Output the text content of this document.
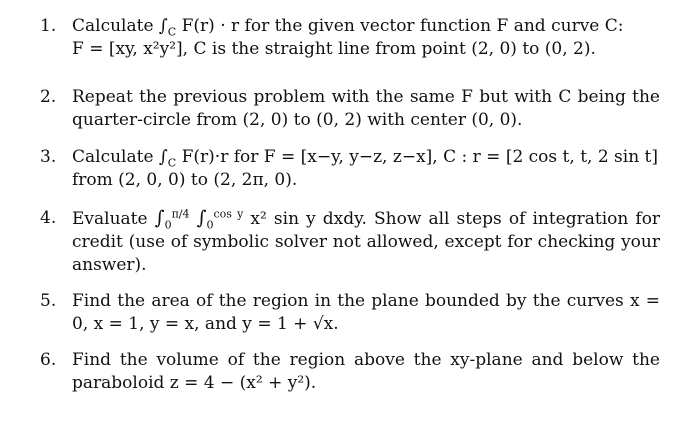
1. Calculate $\int_C$ F(r) · r for the given vector function F and curve C:
F = [xy, x²y²], C is the straight line from point (2, 0) to (0, 2).
2. Repeat the previous problem with the same F but with C being the quarter-circle from (2, 0) to (0, 2) with center (0, 0).
3. Calculate $\int_C$ F(r)·r for F = [x−y, y−z, z−x], C : r = [2 cos t, t, 2 sin t]
from (2, 0, 0) to (2, 2π, 0).
4. Evaluate $\int_0^{\pi/4}$ $\int_0^{cos y}$ x² sin y dxdy. Show all steps of integration for credit (use of symbolic solver not allowed, except for checking your answer).
5. Find the area of the region in the plane bounded by the curves x = 0, x = 1, y = x, and y = 1 + √x.
6. Find the volume of the region above the xy-plane and below the paraboloid z = 4 − (x² + y²).
